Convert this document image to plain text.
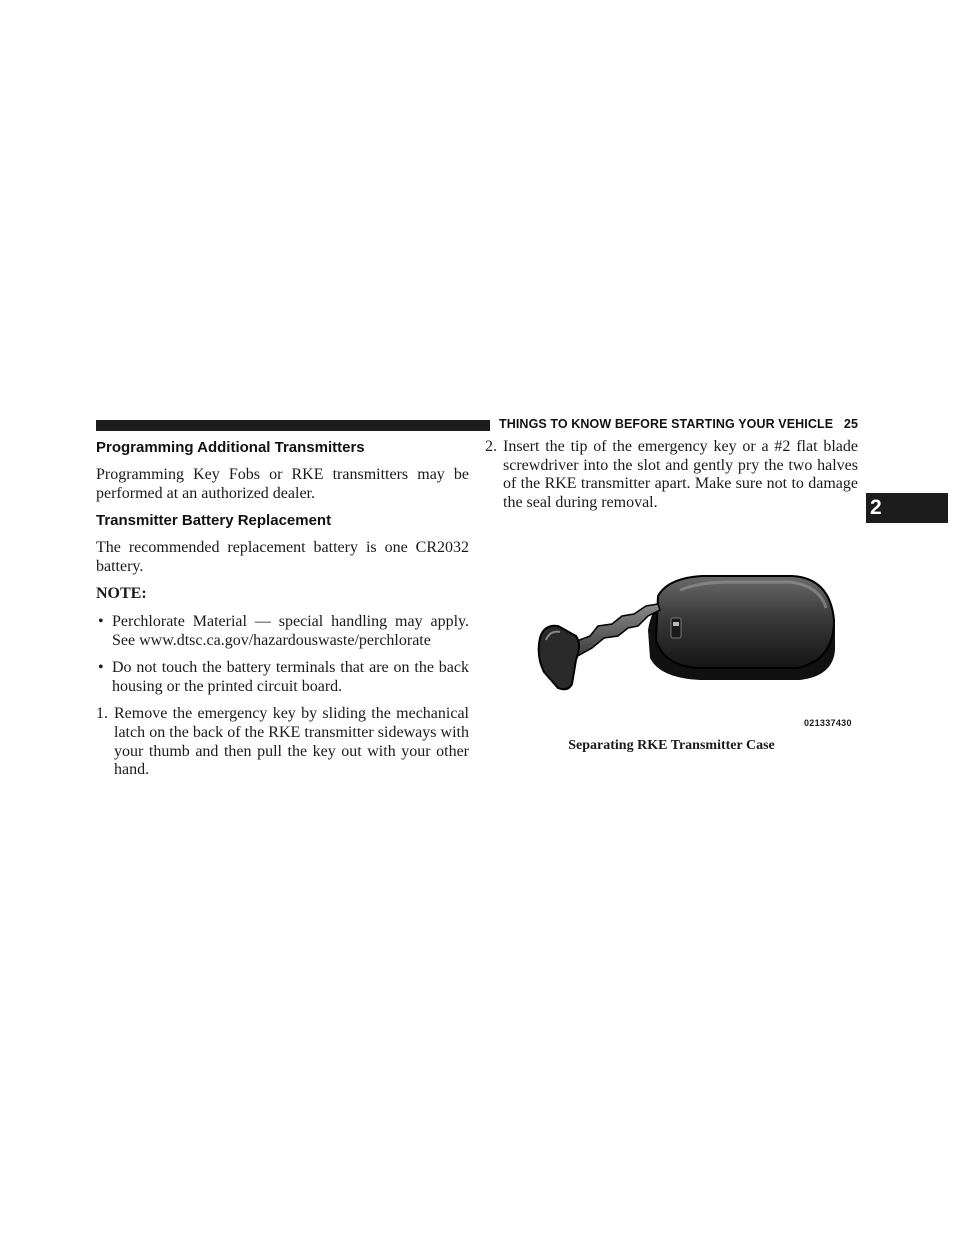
THINGS TO KNOW BEFORE STARTING YOUR VEHICLE 25
2
Programming Additional Transmitters

Programming Key Fobs or RKE transmitters may be performed at an authorized dealer.

Transmitter Battery Replacement

The recommended replacement battery is one CR2032 battery.

NOTE:
• Perchlorate Material — special handling may apply. See www.dtsc.ca.gov/hazardouswaste/perchlorate
• Do not touch the battery terminals that are on the back housing or the printed circuit board.
1. Remove the emergency key by sliding the mechanical latch on the back of the RKE transmitter sideways with your thumb and then pull the key out with your other hand.
2. Insert the tip of the emergency key or a #2 flat blade screwdriver into the slot and gently pry the two halves of the RKE transmitter apart. Make sure not to damage the seal during removal.
021337430
Separating RKE Transmitter Case
